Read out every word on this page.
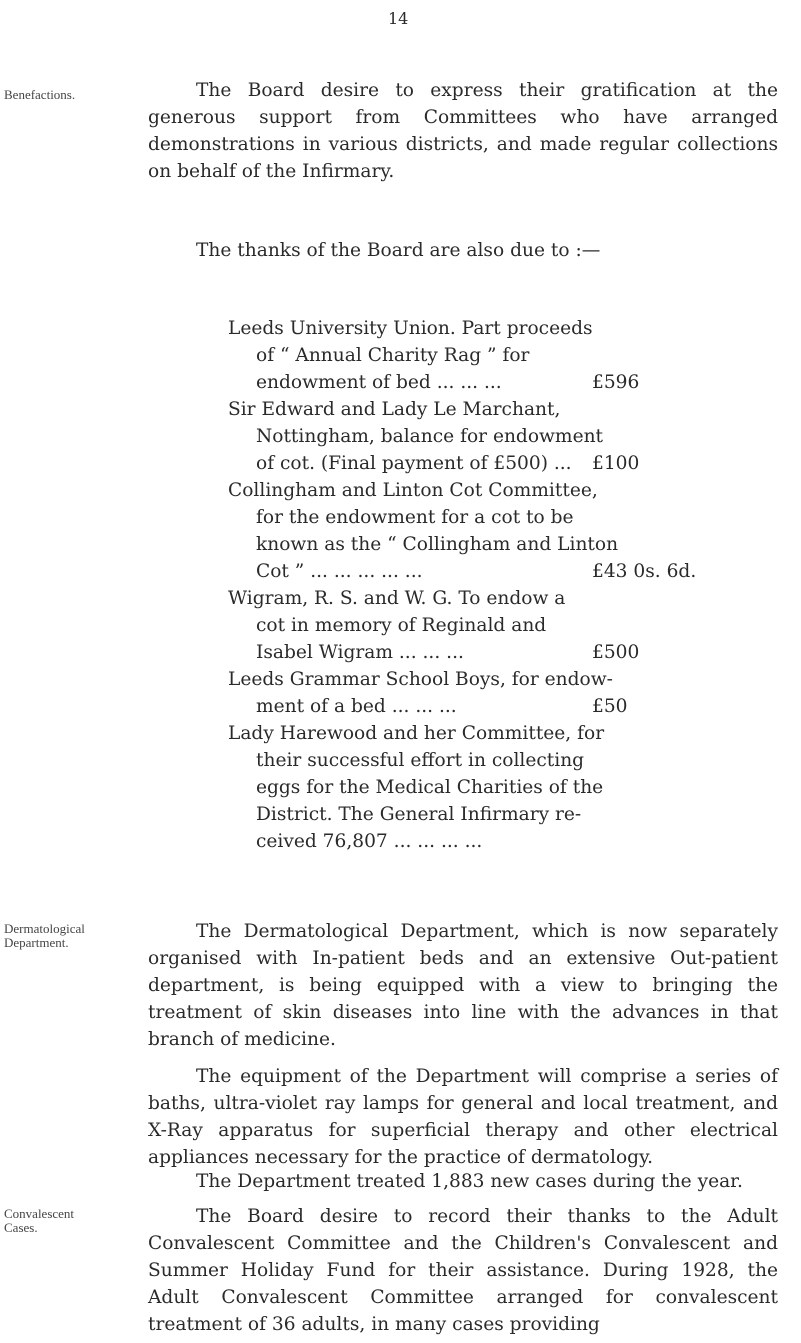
14
Benefactions.
Dermatological
Department.
Convalescent
Cases.

The Board desire to express their gratification at the generous support from Committees who have arranged demonstrations in various districts, and made regular collections on behalf of the Infirmary.

The thanks of the Board are also due to :—

Leeds University Union. Part proceeds
of “ Annual Charity Rag ” for
endowment of bed ... ... ...	£596
Sir Edward and Lady Le Marchant,
Nottingham, balance for endowment
of cot. (Final payment of £500) ...	£100
Collingham and Linton Cot Committee,
for the endowment for a cot to be
known as the “ Collingham and Linton
Cot ” ... ... ... ... ...	£43 0s. 6d.
Wigram, R. S. and W. G. To endow a
cot in memory of Reginald and
Isabel Wigram ... ... ...	£500
Leeds Grammar School Boys, for endow-
ment of a bed ... ... ...	£50
Lady Harewood and her Committee, for
their successful effort in collecting
eggs for the Medical Charities of the
District. The General Infirmary re-
ceived 76,807 ... ... ... ...

The Dermatological Department, which is now separately organised with In-patient beds and an extensive Out-patient department, is being equipped with a view to bringing the treatment of skin diseases into line with the advances in that branch of medicine.

The equipment of the Department will comprise a series of baths, ultra-violet ray lamps for general and local treatment, and X-Ray apparatus for superficial therapy and other electrical appliances necessary for the practice of dermatology.

The Department treated 1,883 new cases during the year.

The Board desire to record their thanks to the Adult Convalescent Committee and the Children's Convalescent and Summer Holiday Fund for their assistance. During 1928, the Adult Convalescent Committee arranged for convalescent treatment of 36 adults, in many cases providing
